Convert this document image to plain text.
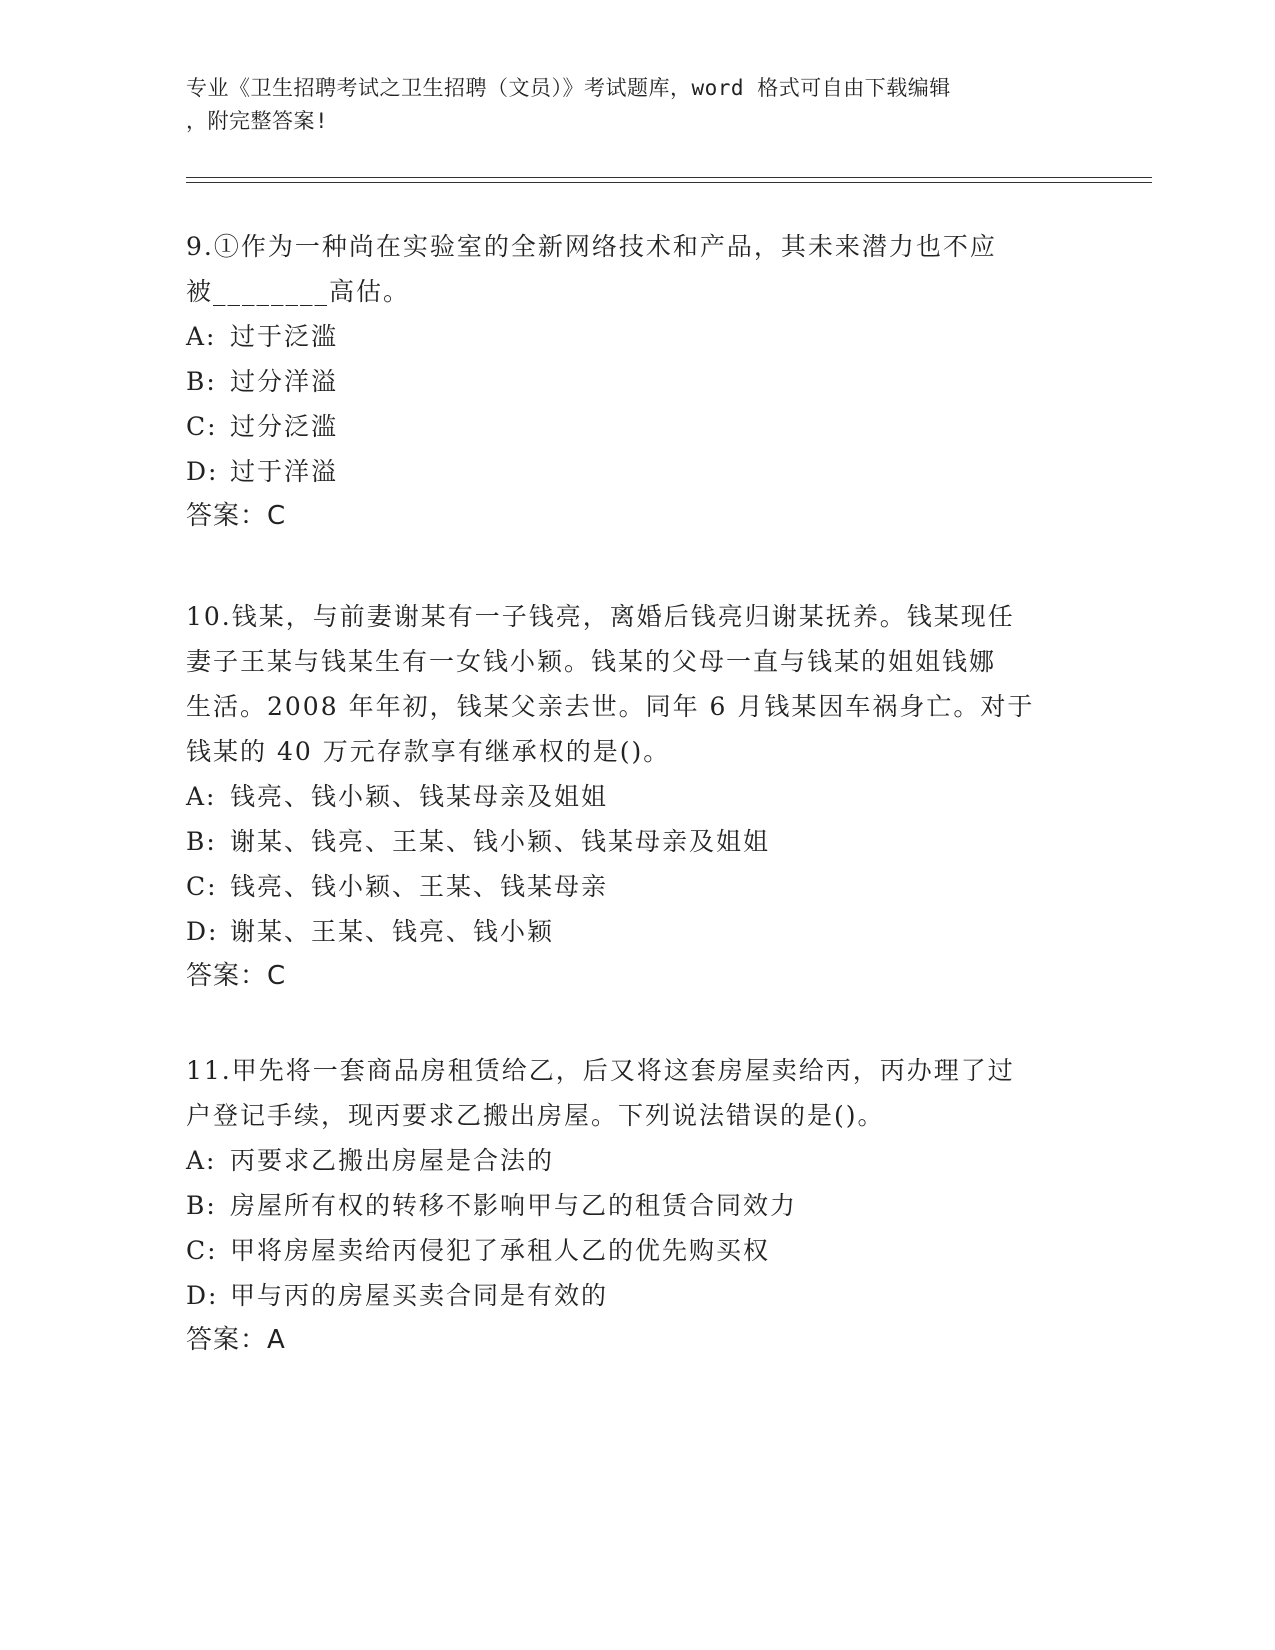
专业《卫生招聘考试之卫生招聘（文员）》考试题库，word 格式可自由下载编辑
，附完整答案!

9.①作为一种尚在实验室的全新网络技术和产品，其未来潜力也不应

被________高估。

A: 过于泛滥

B: 过分洋溢

C: 过分泛滥

D: 过于洋溢

答案：C

10.钱某，与前妻谢某有一子钱亮，离婚后钱亮归谢某抚养。钱某现任

妻子王某与钱某生有一女钱小颖。钱某的父母一直与钱某的姐姐钱娜

生活。2008 年年初，钱某父亲去世。同年 6 月钱某因车祸身亡。对于

钱某的 40 万元存款享有继承权的是()。

A: 钱亮、钱小颖、钱某母亲及姐姐

B: 谢某、钱亮、王某、钱小颖、钱某母亲及姐姐

C: 钱亮、钱小颖、王某、钱某母亲

D: 谢某、王某、钱亮、钱小颖

答案：C

11.甲先将一套商品房租赁给乙，后又将这套房屋卖给丙，丙办理了过

户登记手续，现丙要求乙搬出房屋。下列说法错误的是()。

A: 丙要求乙搬出房屋是合法的

B: 房屋所有权的转移不影响甲与乙的租赁合同效力

C: 甲将房屋卖给丙侵犯了承租人乙的优先购买权

D: 甲与丙的房屋买卖合同是有效的

答案：A
